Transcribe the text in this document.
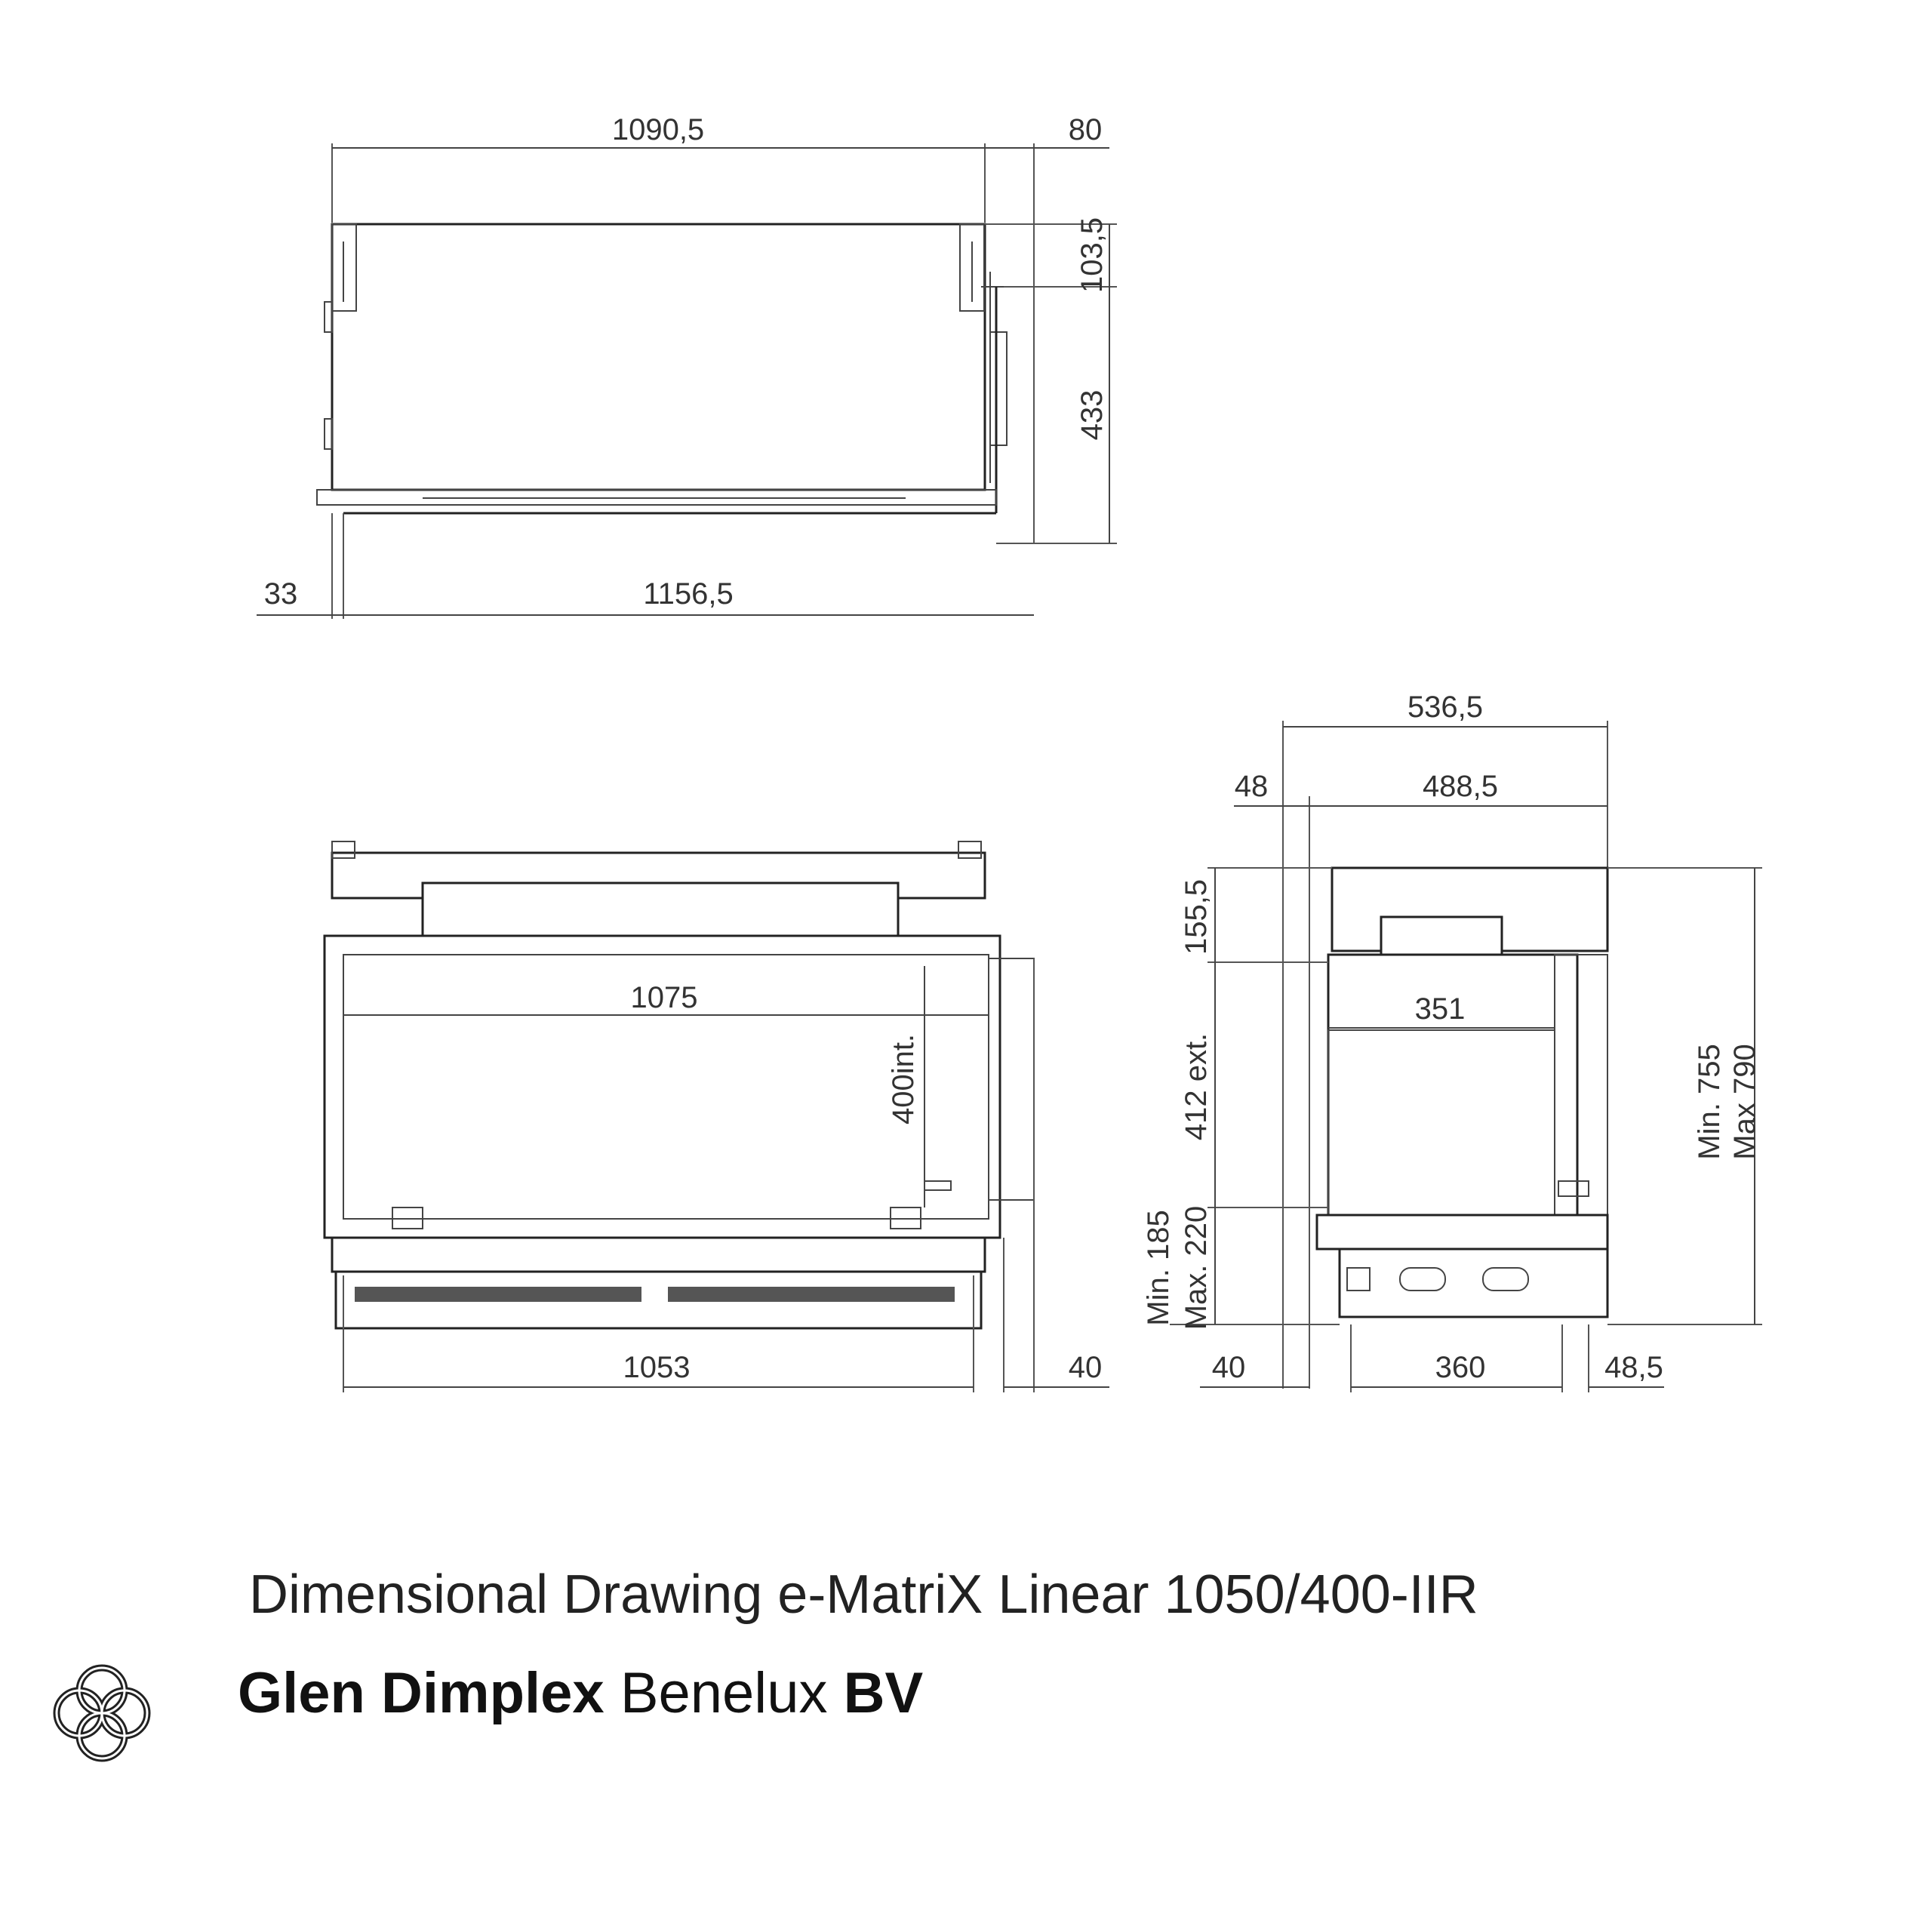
1090,5	80
103,5
433
33	1156,5
1075
400int.
1053	40
536,5
48	488,5
351
155,5
412 ext.
Min. 185 Max. 220
Min. 755 Max 790
40	360	48,5
Dimensional Drawing e-MatriX Linear 1050/400-IIR
Glen Dimplex Benelux BV
